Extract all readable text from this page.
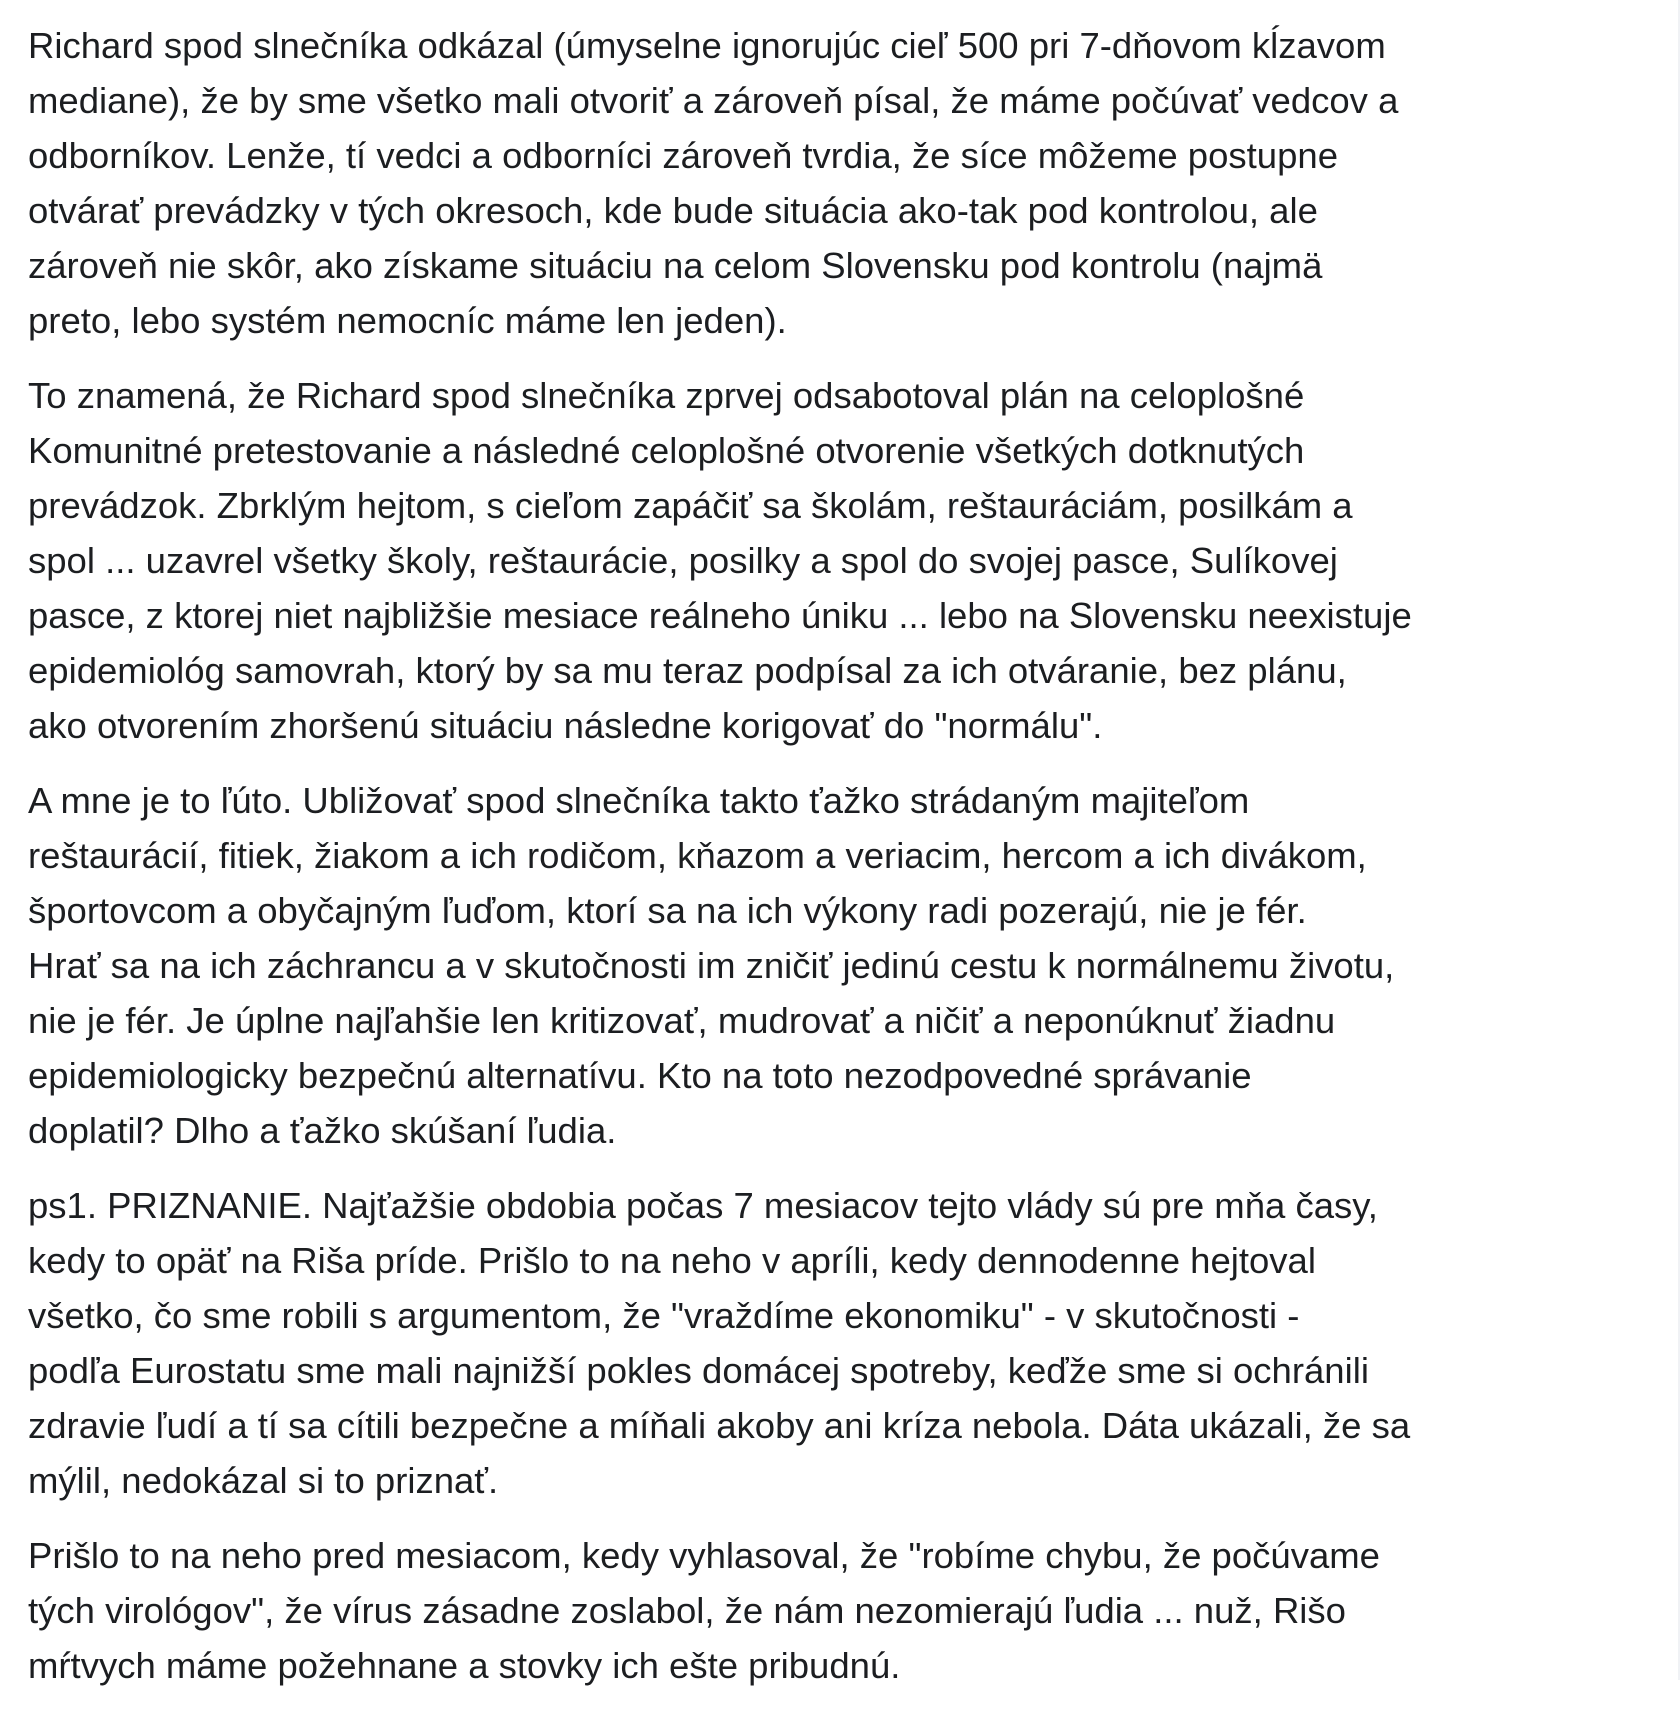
Richard spod slnečníka odkázal (úmyselne ignorujúc cieľ 500 pri 7-dňovom kĺzavom
mediane), že by sme všetko mali otvoriť a zároveň písal, že máme počúvať vedcov a
odborníkov. Lenže, tí vedci a odborníci zároveň tvrdia, že síce môžeme postupne
otvárať prevádzky v tých okresoch, kde bude situácia ako-tak pod kontrolou, ale
zároveň nie skôr, ako získame situáciu na celom Slovensku pod kontrolu (najmä
preto, lebo systém nemocníc máme len jeden).
To znamená, že Richard spod slnečníka zprvej odsabotoval plán na celoplošné
Komunitné pretestovanie a následné celoplošné otvorenie všetkých dotknutých
prevádzok. Zbrklým hejtom, s cieľom zapáčiť sa školám, reštauráciám, posilkám a
spol ... uzavrel všetky školy, reštaurácie, posilky a spol do svojej pasce, Sulíkovej
pasce, z ktorej niet najbližšie mesiace reálneho úniku ... lebo na Slovensku neexistuje
epidemiológ samovrah, ktorý by sa mu teraz podpísal za ich otváranie, bez plánu,
ako otvorením zhoršenú situáciu následne korigovať do "normálu".
A mne je to ľúto. Ubližovať spod slnečníka takto ťažko strádaným majiteľom
reštaurácií, fitiek, žiakom a ich rodičom, kňazom a veriacim, hercom a ich divákom,
športovcom a obyčajným ľuďom, ktorí sa na ich výkony radi pozerajú, nie je fér.
Hrať sa na ich záchrancu a v skutočnosti im zničiť jedinú cestu k normálnemu životu,
nie je fér. Je úplne najľahšie len kritizovať, mudrovať a ničiť a neponúknuť žiadnu
epidemiologicky bezpečnú alternatívu. Kto na toto nezodpovedné správanie
doplatil? Dlho a ťažko skúšaní ľudia.
ps1. PRIZNANIE. Najťažšie obdobia počas 7 mesiacov tejto vlády sú pre mňa časy,
kedy to opäť na Riša príde. Prišlo to na neho v apríli, kedy dennodenne hejtoval
všetko, čo sme robili s argumentom, že "vraždíme ekonomiku" - v skutočnosti -
podľa Eurostatu sme mali najnižší pokles domácej spotreby, keďže sme si ochránili
zdravie ľudí a tí sa cítili bezpečne a míňali akoby ani kríza nebola. Dáta ukázali, že sa
mýlil, nedokázal si to priznať.
Prišlo to na neho pred mesiacom, kedy vyhlasoval, že "robíme chybu, že počúvame
tých virológov", že vírus zásadne zoslabol, že nám nezomierajú ľudia ... nuž, Rišo
mŕtvych máme požehnane a stovky ich ešte pribudnú.
